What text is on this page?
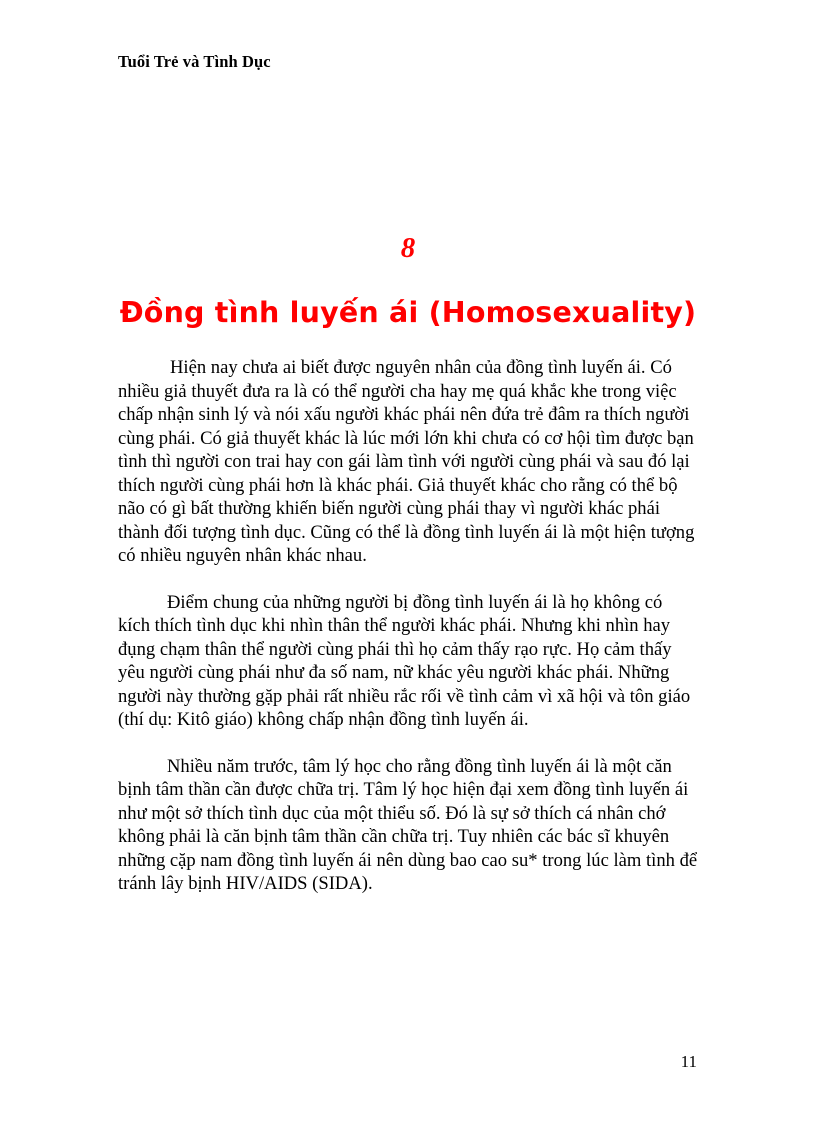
Tuổi Trẻ và Tình Dục
8
Đồng tình luyến ái (Homosexuality)

Hiện nay chưa ai biết được nguyên nhân của đồng tình luyến ái. Có nhiều giả thuyết đưa ra là có thể người cha hay mẹ quá khắc khe trong việc chấp nhận sinh lý và nói xấu người khác phái nên đứa trẻ đâm ra thích người cùng phái. Có giả thuyết khác là lúc mới lớn khi chưa có cơ hội tìm được bạn tình thì người con trai hay con gái làm tình với người cùng phái và sau đó lại thích người cùng phái hơn là khác phái. Giả thuyết khác cho rằng có thể bộ não có gì bất thường khiến biến người cùng phái thay vì người khác phái thành đối tượng tình dục. Cũng có thể là đồng tình luyến ái là một hiện tượng có nhiều nguyên nhân khác nhau.

Điểm chung của những người bị đồng tình luyến ái là họ không có kích thích tình dục khi nhìn thân thể người khác phái. Nhưng khi nhìn hay đụng chạm thân thể người cùng phái thì họ cảm thấy rạo rực. Họ cảm thấy yêu người cùng phái như đa số nam, nữ khác yêu người khác phái. Những người này thường gặp phải rất nhiều rắc rối về tình cảm vì xã hội và tôn giáo (thí dụ: Kitô giáo) không chấp nhận đồng tình luyến ái.

Nhiều năm trước, tâm lý học cho rằng đồng tình luyến ái là một căn bịnh tâm thần cần được chữa trị. Tâm lý học hiện đại xem đồng tình luyến ái như một sở thích tình dục của một thiểu số. Đó là sự sở thích cá nhân chớ không phải là căn bịnh tâm thần cần chữa trị. Tuy nhiên các bác sĩ khuyên những cặp nam đồng tình luyến ái nên dùng bao cao su* trong lúc làm tình để tránh lây bịnh HIV/AIDS (SIDA).

11
